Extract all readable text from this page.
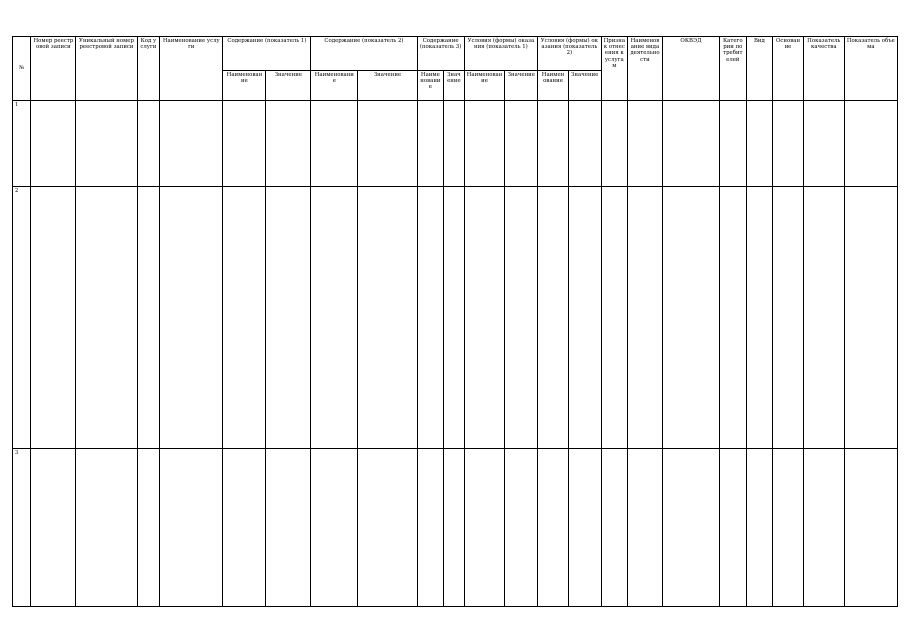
№	Номер реестровой записи	Уникальный номер реестровой записи	Код услуги	Наименование услуги	Содержание (показатель 1)		Содержание (показатель 2)		Содержание (показатель 3)		Условия (формы) оказания (показатель 1)		Условия (формы) оказания (показатель 2)		Признак отнесения к услугам	Наименование вида деятельности	ОКВЭД	Категории потребителей	Вид	Основание	Показатель качества	Показатель объема
					Наименование	Значение	Наименование	Значение	Наименование	Значение	Наименование	Значение	Наименование	Значение								
1																						
2																						
3																						
